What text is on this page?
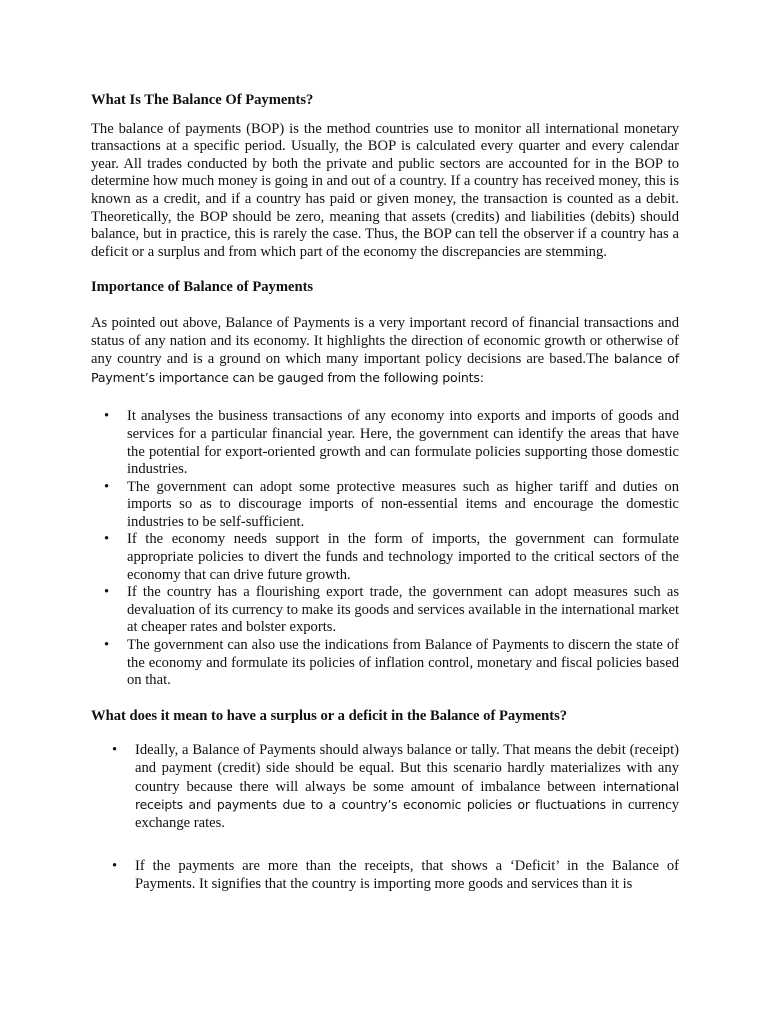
What Is The Balance Of Payments?

The balance of payments (BOP) is the method countries use to monitor all international monetary transactions at a specific period. Usually, the BOP is calculated every quarter and every calendar year. All trades conducted by both the private and public sectors are accounted for in the BOP to determine how much money is going in and out of a country. If a country has received money, this is known as a credit, and if a country has paid or given money, the transaction is counted as a debit. Theoretically, the BOP should be zero, meaning that assets (credits) and liabilities (debits) should balance, but in practice, this is rarely the case. Thus, the BOP can tell the observer if a country has a deficit or a surplus and from which part of the economy the discrepancies are stemming.

Importance of Balance of Payments

As pointed out above, Balance of Payments is a very important record of financial transactions and status of any nation and its economy. It highlights the direction of economic growth or otherwise of any country and is a ground on which many important policy decisions are based.The balance of Payment’s importance can be gauged from the following points:

• It analyses the business transactions of any economy into exports and imports of goods and services for a particular financial year. Here, the government can identify the areas that have the potential for export-oriented growth and can formulate policies supporting those domestic industries.
• The government can adopt some protective measures such as higher tariff and duties on imports so as to discourage imports of non-essential items and encourage the domestic industries to be self-sufficient.
• If the economy needs support in the form of imports, the government can formulate appropriate policies to divert the funds and technology imported to the critical sectors of the economy that can drive future growth.
• If the country has a flourishing export trade, the government can adopt measures such as devaluation of its currency to make its goods and services available in the international market at cheaper rates and bolster exports.
• The government can also use the indications from Balance of Payments to discern the state of the economy and formulate its policies of inflation control, monetary and fiscal policies based on that.
What does it mean to have a surplus or a deficit in the Balance of Payments?
• Ideally, a Balance of Payments should always balance or tally. That means the debit (receipt) and payment (credit) side should be equal. But this scenario hardly materializes with any country because there will always be some amount of imbalance between international receipts and payments due to a country’s economic policies or fluctuations in currency exchange rates.
• If the payments are more than the receipts, that shows a ‘Deficit’ in the Balance of Payments. It signifies that the country is importing more goods and services than it is
